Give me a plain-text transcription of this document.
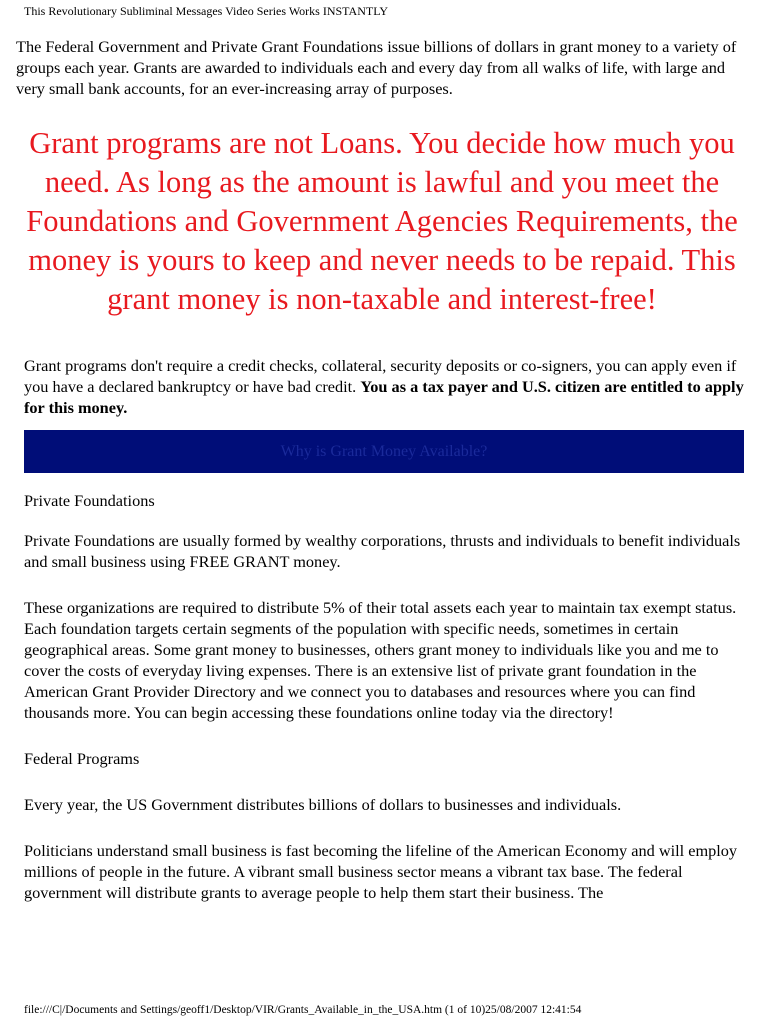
This Revolutionary Subliminal Messages Video Series Works INSTANTLY

The Federal Government and Private Grant Foundations issue billions of dollars in grant money to a variety of groups each year. Grants are awarded to individuals each and every day from all walks of life, with large and very small bank accounts, for an ever-increasing array of purposes.

Grant programs are not Loans. You decide how much you need. As long as the amount is lawful and you meet the Foundations and Government Agencies Requirements, the money is yours to keep and never needs to be repaid. This grant money is non-taxable and interest-free!

Grant programs don't require a credit checks, collateral, security deposits or co-signers, you can apply even if you have a declared bankruptcy or have bad credit. You as a tax payer and U.S. citizen are entitled to apply for this money.

Why is Grant Money Available?

Private Foundations

Private Foundations are usually formed by wealthy corporations, thrusts and individuals to benefit individuals and small business using FREE GRANT money.

These organizations are required to distribute 5% of their total assets each year to maintain tax exempt status. Each foundation targets certain segments of the population with specific needs, sometimes in certain geographical areas. Some grant money to businesses, others grant money to individuals like you and me to cover the costs of everyday living expenses. There is an extensive list of private grant foundation in the American Grant Provider Directory and we connect you to databases and resources where you can find thousands more. You can begin accessing these foundations online today via the directory!

Federal Programs

Every year, the US Government distributes billions of dollars to businesses and individuals.

Politicians understand small business is fast becoming the lifeline of the American Economy and will employ millions of people in the future. A vibrant small business sector means a vibrant tax base. The federal government will distribute grants to average people to help them start their business. The

file:///C|/Documents and Settings/geoff1/Desktop/VIR/Grants_Available_in_the_USA.htm (1 of 10)25/08/2007 12:41:54
